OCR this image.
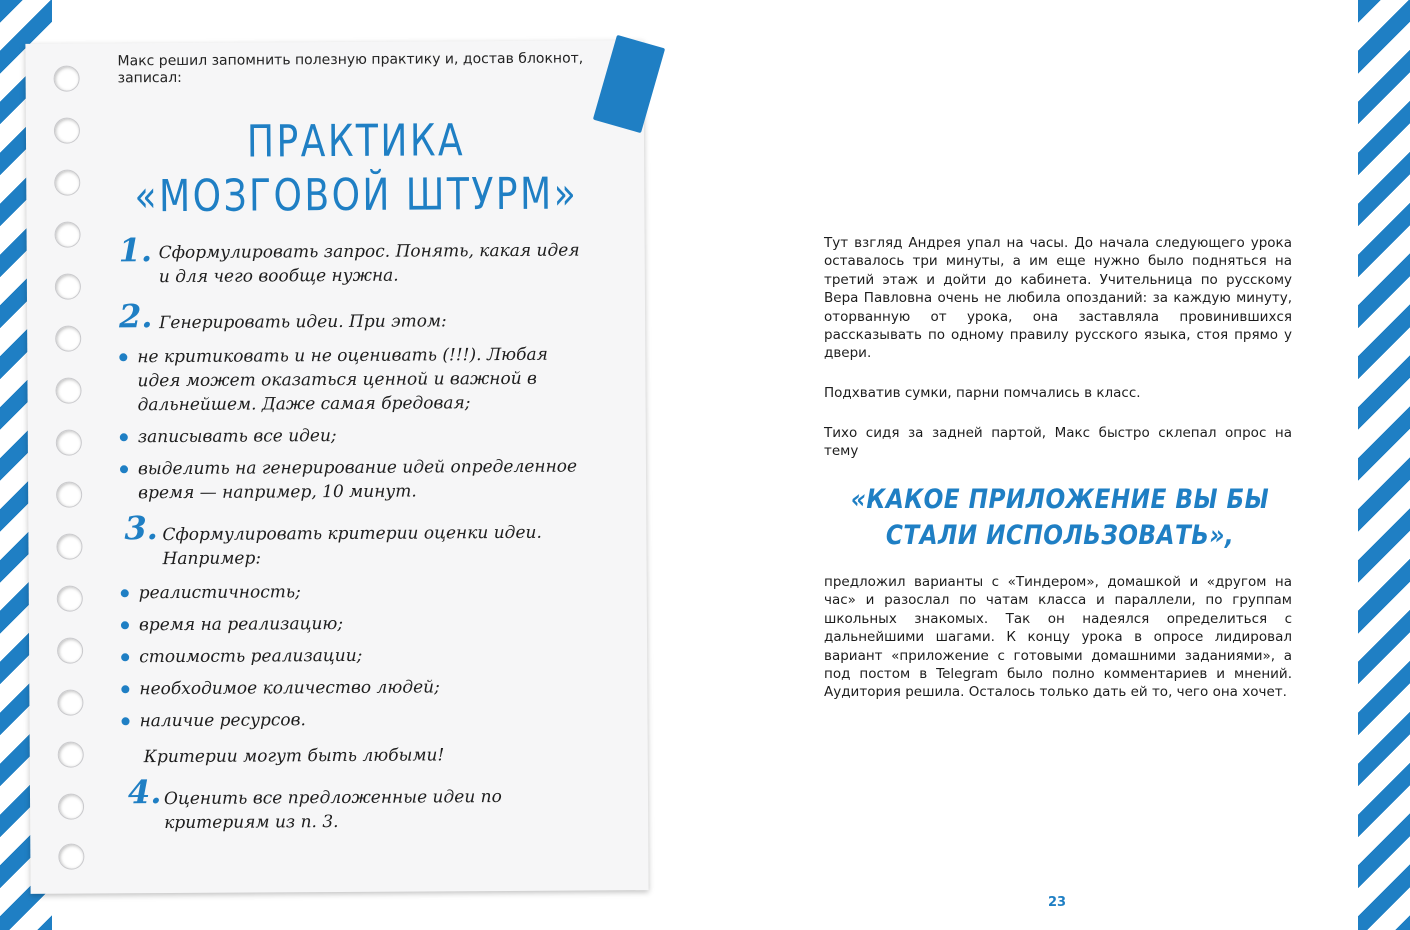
Макс решил запомнить полезную практику и, достав блокнот, записал:
ПРАКТИКА
«МОЗГОВОЙ ШТУРМ»
1. Сформулировать запрос. Понять, какая идея и для чего вообще нужна.
2. Генерировать идеи. При этом:
не критиковать и не оценивать (!!!). Любая идея может оказаться ценной и важной в дальнейшем. Даже самая бредовая;
записывать все идеи;
выделить на генерирование идей определенное время — например, 10 минут.
3. Сформулировать критерии оценки идеи. Например:
реалистичность;
время на реализацию;
стоимость реализации;
необходимое количество людей;
наличие ресурсов.
Критерии могут быть любыми!
4. Оценить все предложенные идеи по критериям из п. 3.
Тут взгляд Андрея упал на часы. До начала следующего урока оставалось три минуты, а им еще нужно было подняться на третий этаж и дойти до кабинета. Учительница по русскому Вера Павловна очень не любила опозданий: за каждую минуту, оторванную от урока, она заставляла провинившихся рассказывать по одному правилу русского языка, стоя прямо у двери.
Подхватив сумки, парни помчались в класс.
Тихо сидя за задней партой, Макс быстро склепал опрос на тему
«КАКОЕ ПРИЛОЖЕНИЕ ВЫ БЫ СТАЛИ ИСПОЛЬЗОВАТЬ»,
предложил варианты с «Тиндером», домашкой и «другом на час» и разослал по чатам класса и параллели, по группам школьных знакомых. Так он надеялся определиться с дальнейшими шагами. К концу урока в опросе лидировал вариант «приложение с готовыми домашними заданиями», а под постом в Telegram было полно комментариев и мнений. Аудитория решила. Осталось только дать ей то, чего она хочет.
23
